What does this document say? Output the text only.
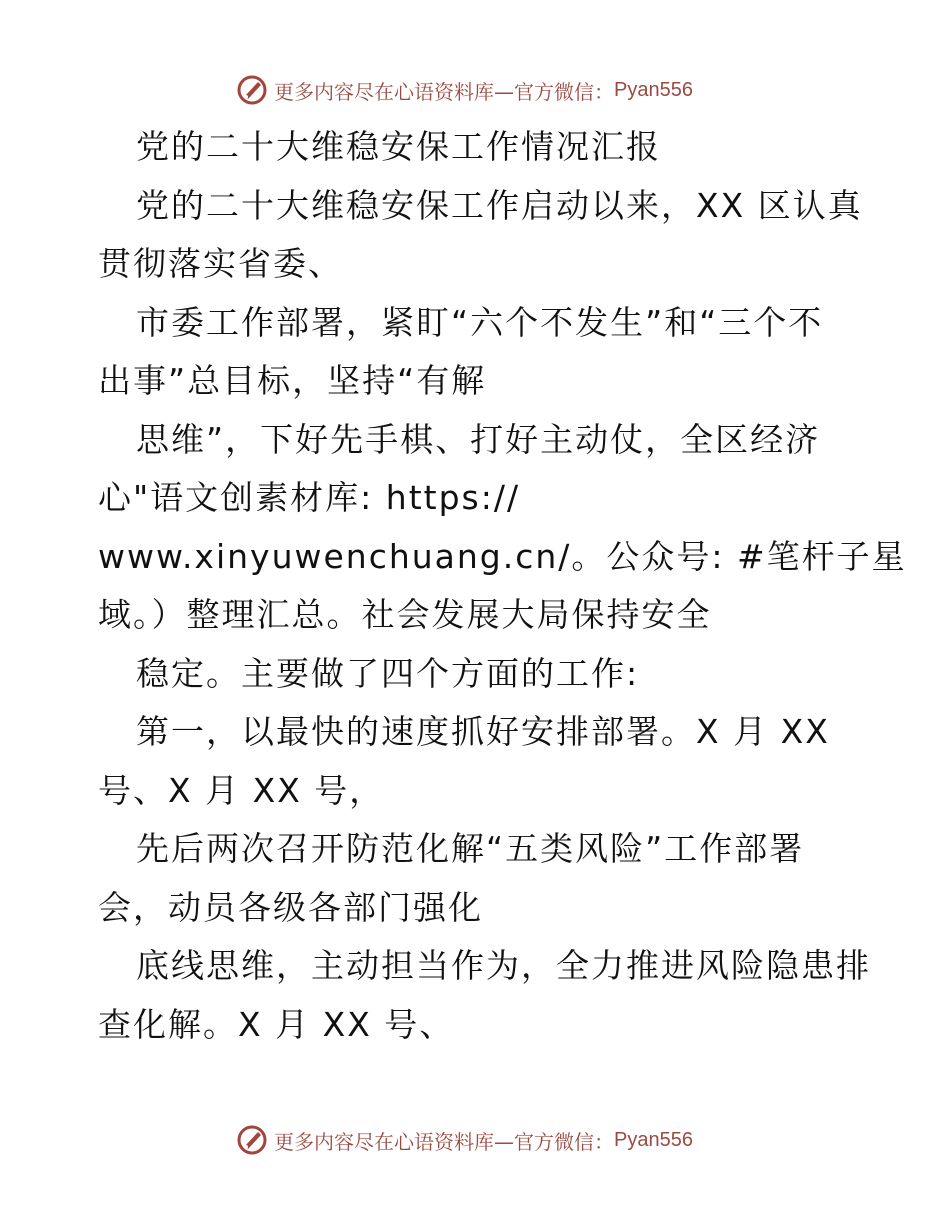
更多内容尽在心语资料库—官方微信： Pyan556
党的二十大维稳安保工作情况汇报
党的二十大维稳安保工作启动以来，XX 区认真
贯彻落实省委、
市委工作部署，紧盯“六个不发生”和“三个不
出事”总目标，坚持“有解
思维”，下好先手棋、打好主动仗，全区经济
心"语文创素材库: https://
www.xinyuwenchuang.cn/。公众号: #笔杆子星
域。）整理汇总。社会发展大局保持安全
稳定。主要做了四个方面的工作:
第一，以最快的速度抓好安排部署。X 月 XX
号、X 月 XX 号，
先后两次召开防范化解“五类风险”工作部署
会，动员各级各部门强化
底线思维，主动担当作为，全力推进风险隐患排
查化解。X 月 XX 号、
更多内容尽在心语资料库—官方微信： Pyan556
